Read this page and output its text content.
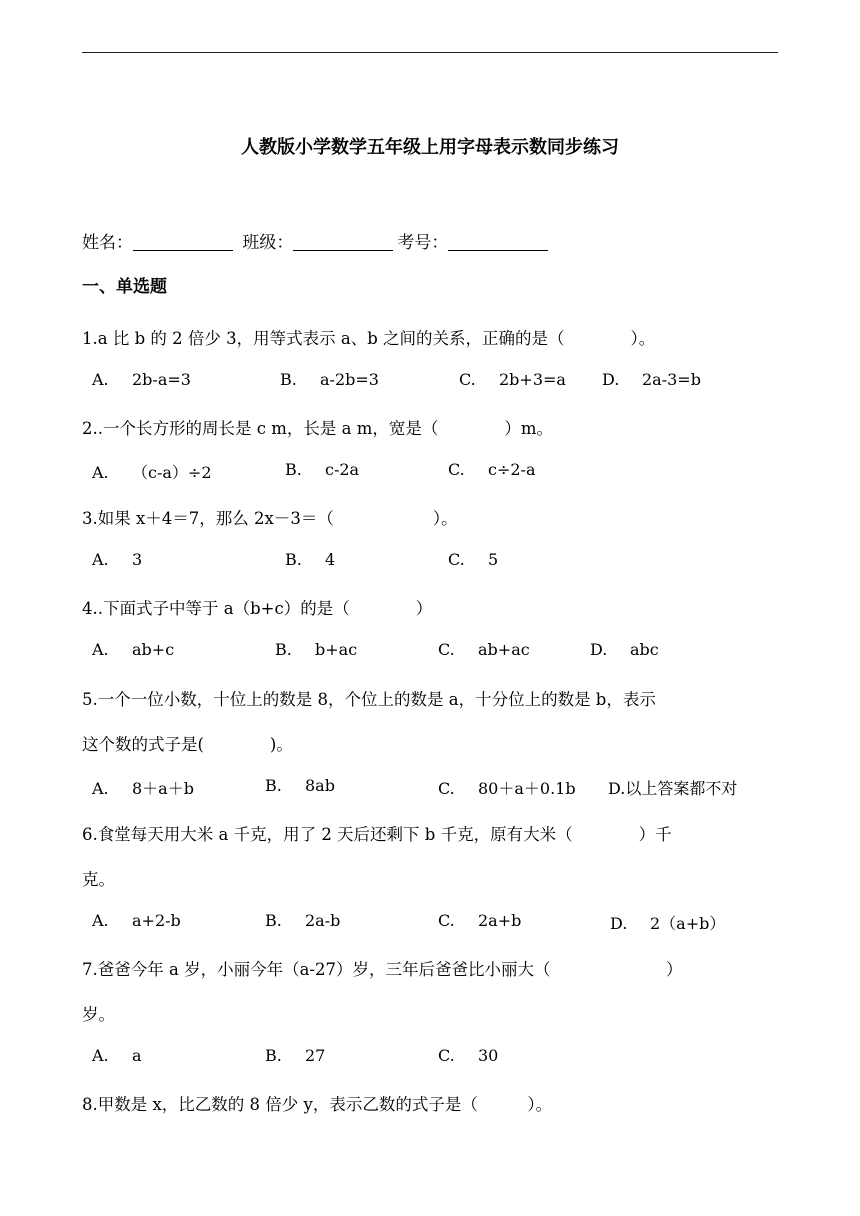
人教版小学数学五年级上用字母表示数同步练习
姓名：	班级：	考号：
一、单选题
1.a 比 b 的 2 倍少 3，用等式表示 a、b 之间的关系，正确的是（　　　　）。
A. 2b-a=3	B. a-2b=3	C. 2b+3=a D. 2a-3=b
2..一个长方形的周长是 c m，长是 a m，宽是（　　　　）m。
A. （c-a）÷2	B. c-2a	C. c÷2-a
3.如果 x＋4＝7，那么 2x－3＝（　　　　　　）。
A. 3	B. 4	C. 5
4..下面式子中等于 a（b+c）的是（　　　　）
A. ab+c	B. b+ac	C. ab+ac	D. abc
5.一个一位小数，十位上的数是 8，个位上的数是 a，十分位上的数是 b，表示
这个数的式子是(　　　　)。
A. 8＋a＋b	B. 8ab	C. 80＋a＋0.1b D.以上答案都不对
6.食堂每天用大米 a 千克，用了 2 天后还剩下 b 千克，原有大米（　　　　）千
克。
A. a+2-b	B. 2a-b	C. 2a+b	D. 2（a+b）
7.爸爸今年 a 岁，小丽今年（a-27）岁，三年后爸爸比小丽大（　　　　　　　）
岁。
A. a	B. 27	C. 30
8.甲数是 x，比乙数的 8 倍少 y，表示乙数的式子是（　　　）。
